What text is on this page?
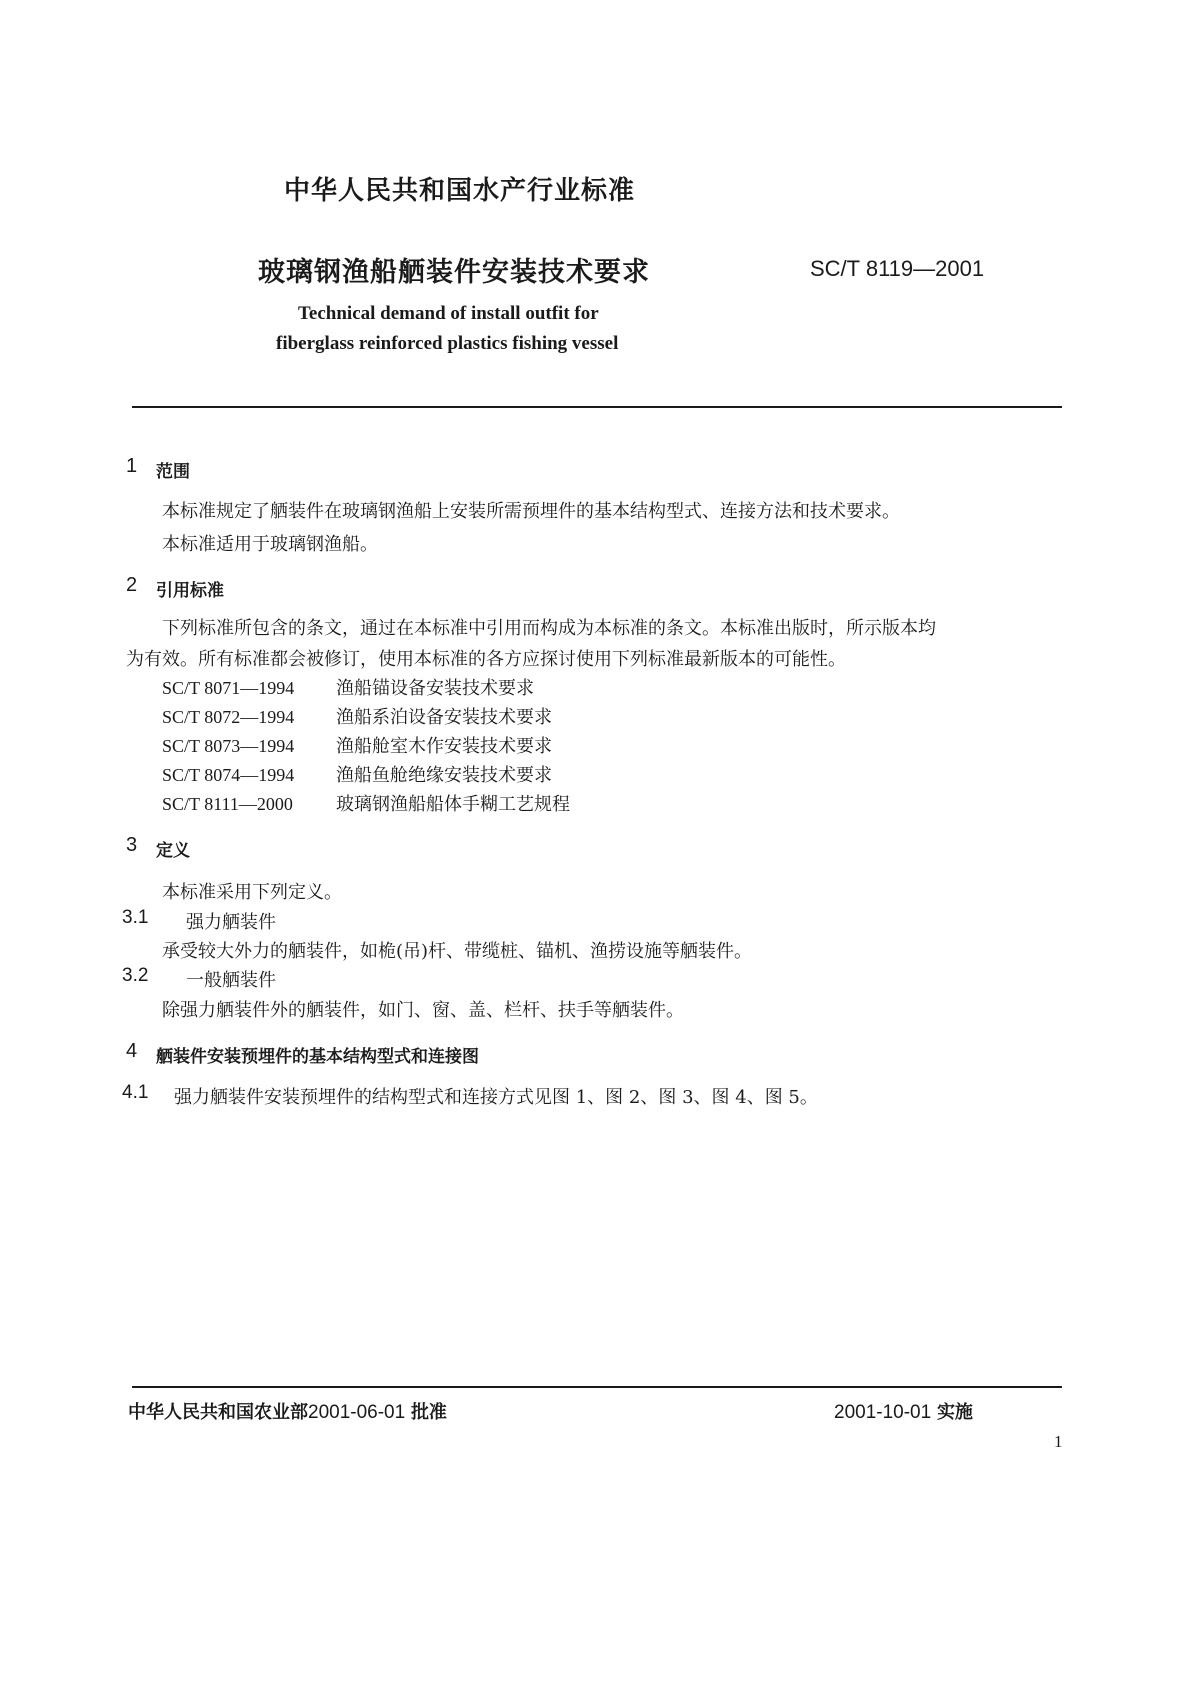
中华人民共和国水产行业标准
玻璃钢渔船舾装件安装技术要求	SC/T 8119—2001
Technical demand of install outfit for
fiberglass reinforced plastics fishing vessel
1 范围
本标准规定了舾装件在玻璃钢渔船上安装所需预埋件的基本结构型式、连接方法和技术要求。
本标准适用于玻璃钢渔船。
2 引用标准
下列标准所包含的条文，通过在本标准中引用而构成为本标准的条文。本标准出版时，所示版本均
为有效。所有标准都会被修订，使用本标准的各方应探讨使用下列标准最新版本的可能性。
SC/T 8071—1994 渔船锚设备安装技术要求
SC/T 8072—1994 渔船系泊设备安装技术要求
SC/T 8073—1994 渔船舱室木作安装技术要求
SC/T 8074—1994 渔船鱼舱绝缘安装技术要求
SC/T 8111—2000 玻璃钢渔船船体手糊工艺规程
3 定义
本标准采用下列定义。
3.1 强力舾装件
承受较大外力的舾装件，如桅(吊)杆、带缆桩、锚机、渔捞设施等舾装件。
3.2 一般舾装件
除强力舾装件外的舾装件，如门、窗、盖、栏杆、扶手等舾装件。
4 舾装件安装预埋件的基本结构型式和连接图
4.1 强力舾装件安装预埋件的结构型式和连接方式见图 1、图 2、图 3、图 4、图 5。
中华人民共和国农业部2001-06-01 批准	2001-10-01 实施
1
